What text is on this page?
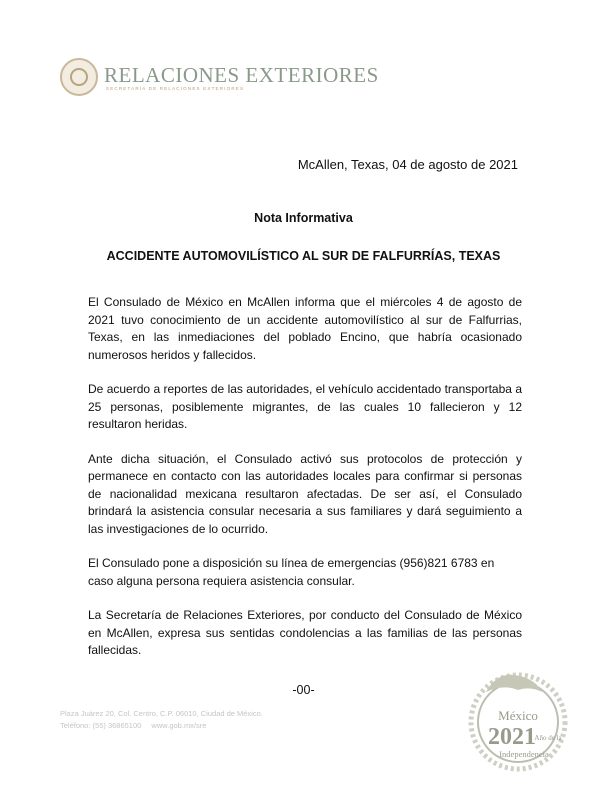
RELACIONES EXTERIORES
SECRETARÍA DE RELACIONES EXTERIORES
McAllen, Texas, 04 de agosto de 2021
Nota Informativa
ACCIDENTE AUTOMOVILÍSTICO AL SUR DE FALFURRÍAS, TEXAS

El Consulado de México en McAllen informa que el miércoles 4 de agosto de 2021 tuvo conocimiento de un accidente automovilístico al sur de Falfurrias, Texas, en las inmediaciones del poblado Encino, que habría ocasionado numerosos heridos y fallecidos.

De acuerdo a reportes de las autoridades, el vehículo accidentado transportaba a 25 personas, posiblemente migrantes, de las cuales 10 fallecieron y 12 resultaron heridas.

Ante dicha situación, el Consulado activó sus protocolos de protección y permanece en contacto con las autoridades locales para confirmar si personas de nacionalidad mexicana resultaron afectadas. De ser así, el Consulado brindará la asistencia consular necesaria a sus familiares y dará seguimiento a las investigaciones de lo ocurrido.

El Consulado pone a disposición su línea de emergencias (956)821 6783 en caso alguna persona requiera asistencia consular.

La Secretaría de Relaciones Exteriores, por conducto del Consulado de México en McAllen, expresa sus sentidas condolencias a las familias de las personas fallecidas.

-00-
Plaza Juárez 20, Col. Centro, C.P. 06010, Ciudad de México.
Teléfono: (55) 36865100 www.gob.mx/sre
México
2021
Año de la
Independencia
